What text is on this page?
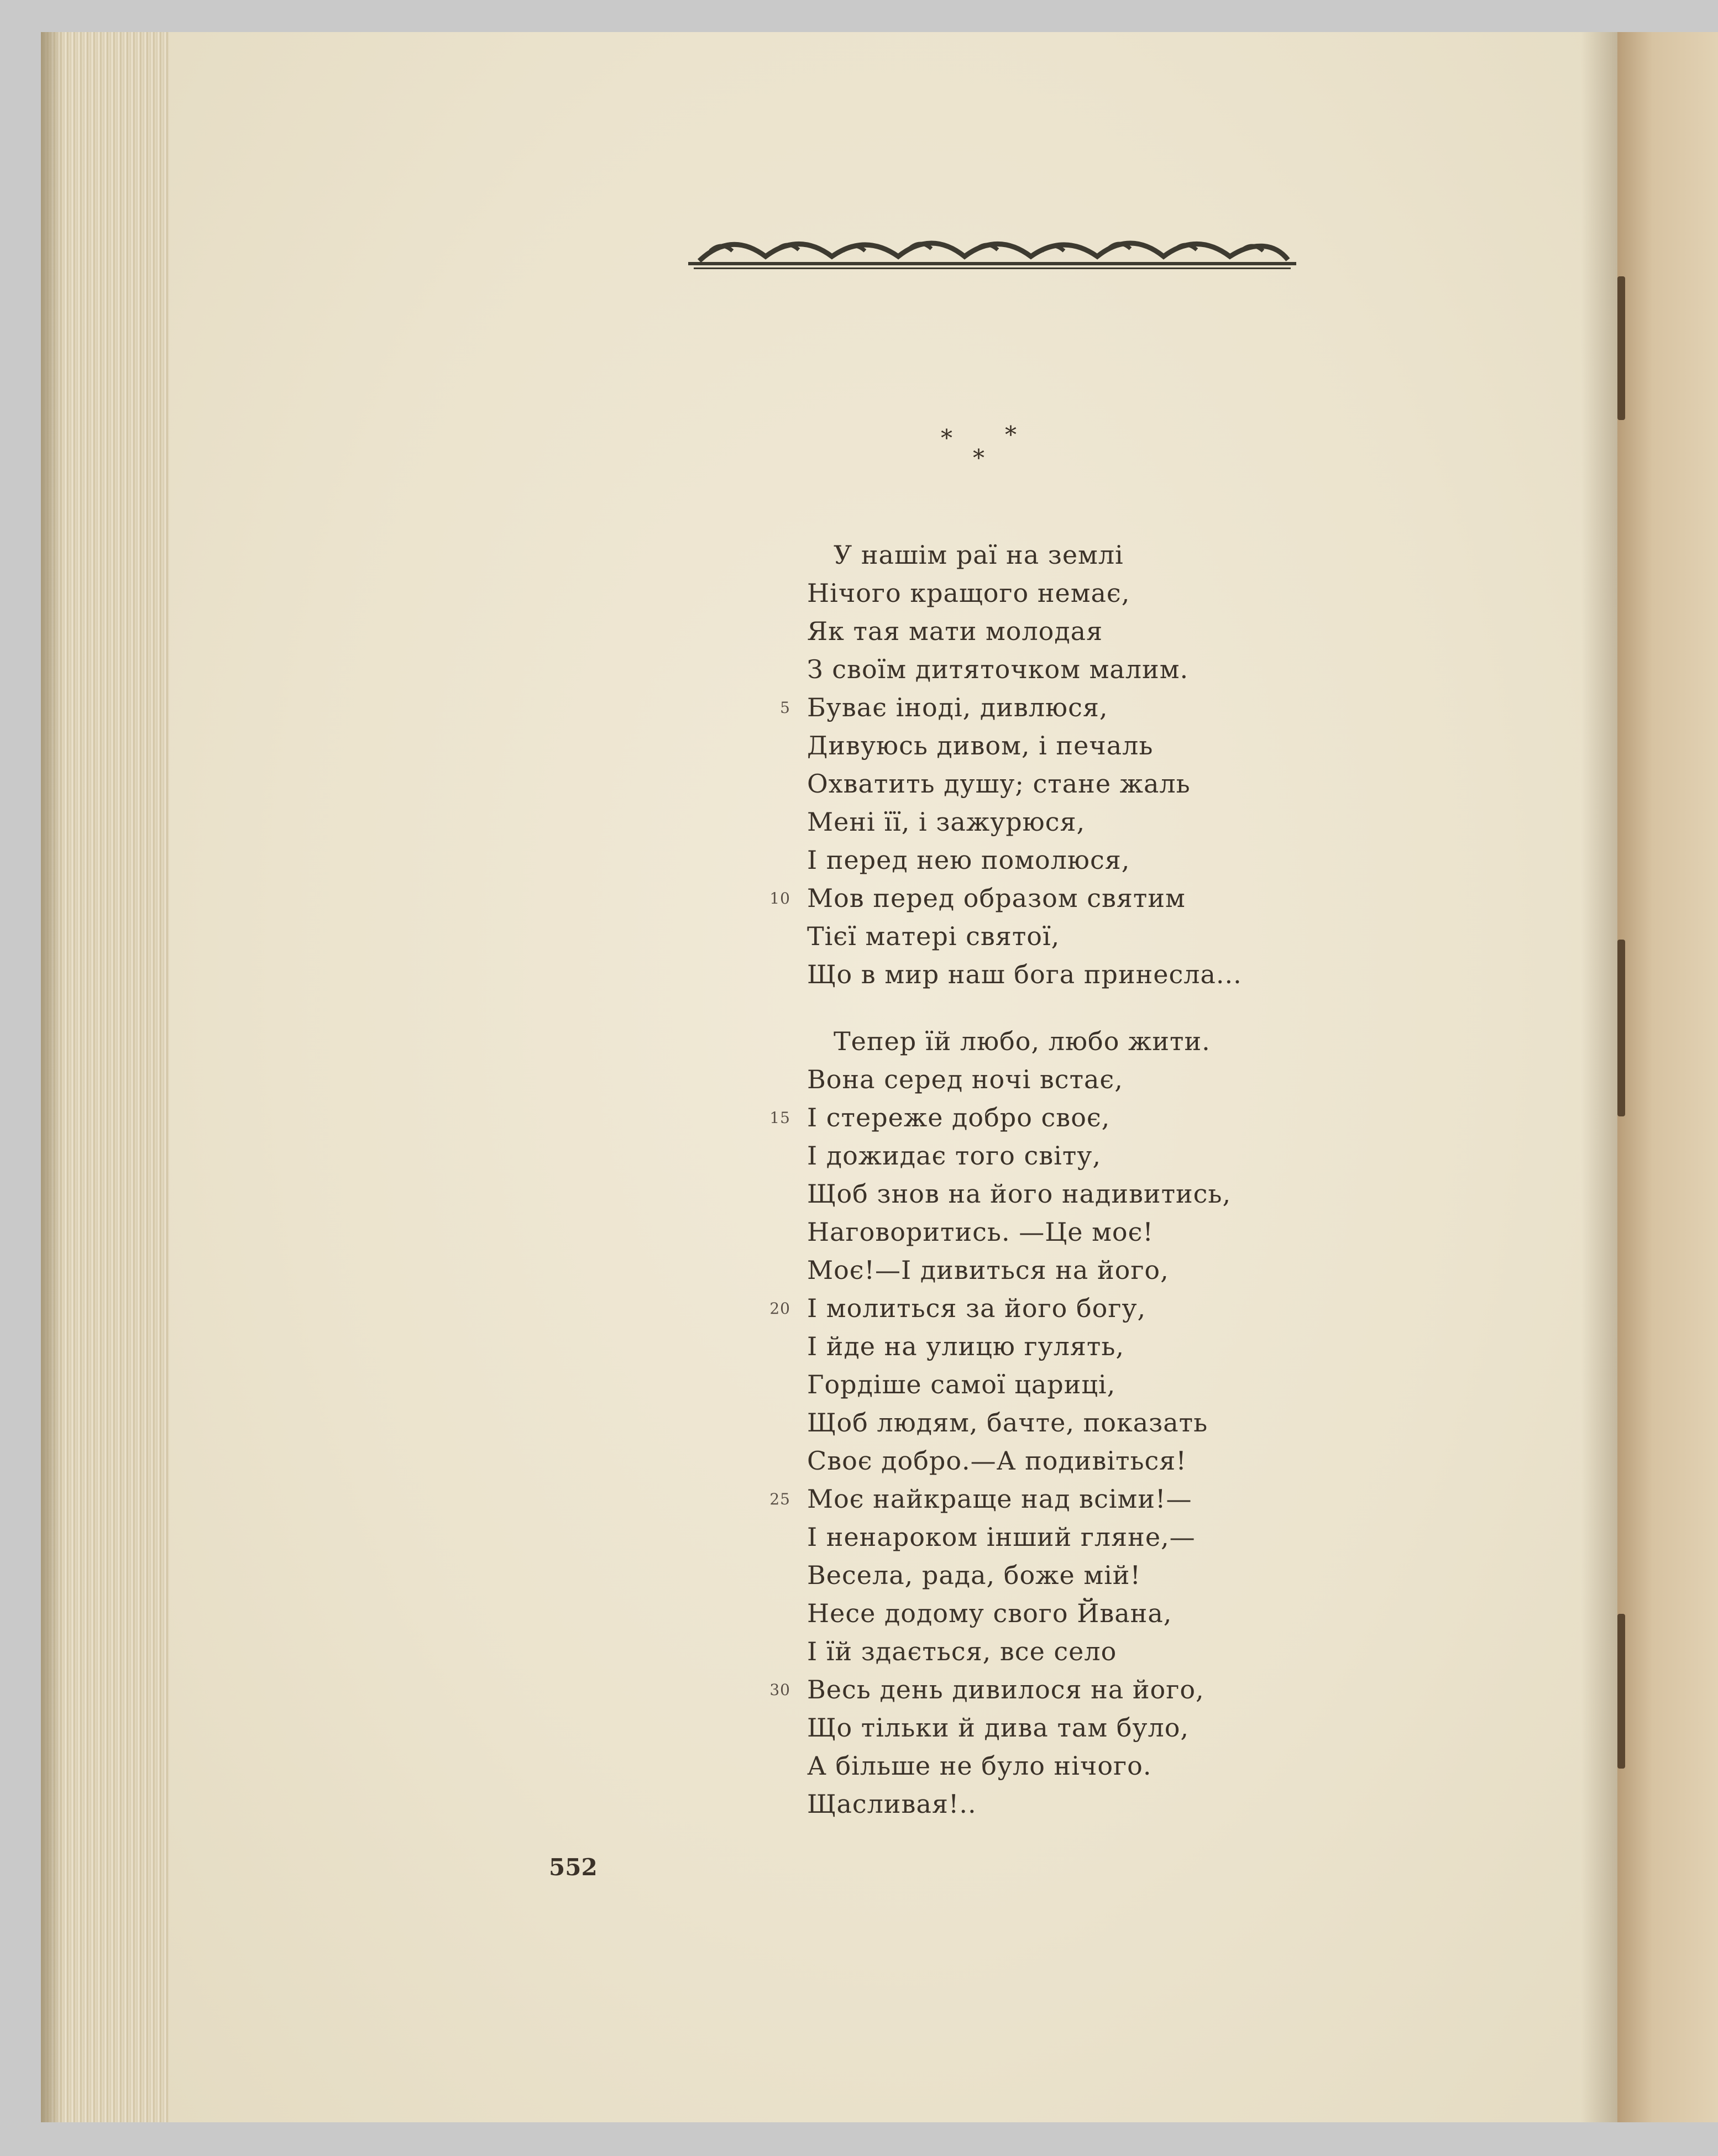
* *
*
У нашім раї на землі
Нічого кращого немає,
Як тая мати молодая
З своїм дитяточком малим.
5 Буває іноді, дивлюся,
Дивуюсь дивом, і печаль
Охватить душу; стане жаль
Мені її, і зажурюся,
І перед нею помолюся,
10 Мов перед образом святим
Тієї матері святої,
Що в мир наш бога принесла...
Тепер їй любо, любо жити.
Вона серед ночі встає,
15 І стереже добро своє,
І дожидає того світу,
Щоб знов на його надивитись,
Наговоритись. —Це моє!
Моє!—І дивиться на його,
20 І молиться за його богу,
І йде на улицю гулять,
Гордіше самої цариці,
Щоб людям, бачте, показать
Своє добро.—А подивіться!
25 Моє найкраще над всіми!—
І ненароком інший гляне,—
Весела, рада, боже мій!
Несе додому свого Йвана,
І їй здається, все село
30 Весь день дивилося на його,
Що тільки й дива там було,
А більше не було нічого.
Щасливая!..
552
